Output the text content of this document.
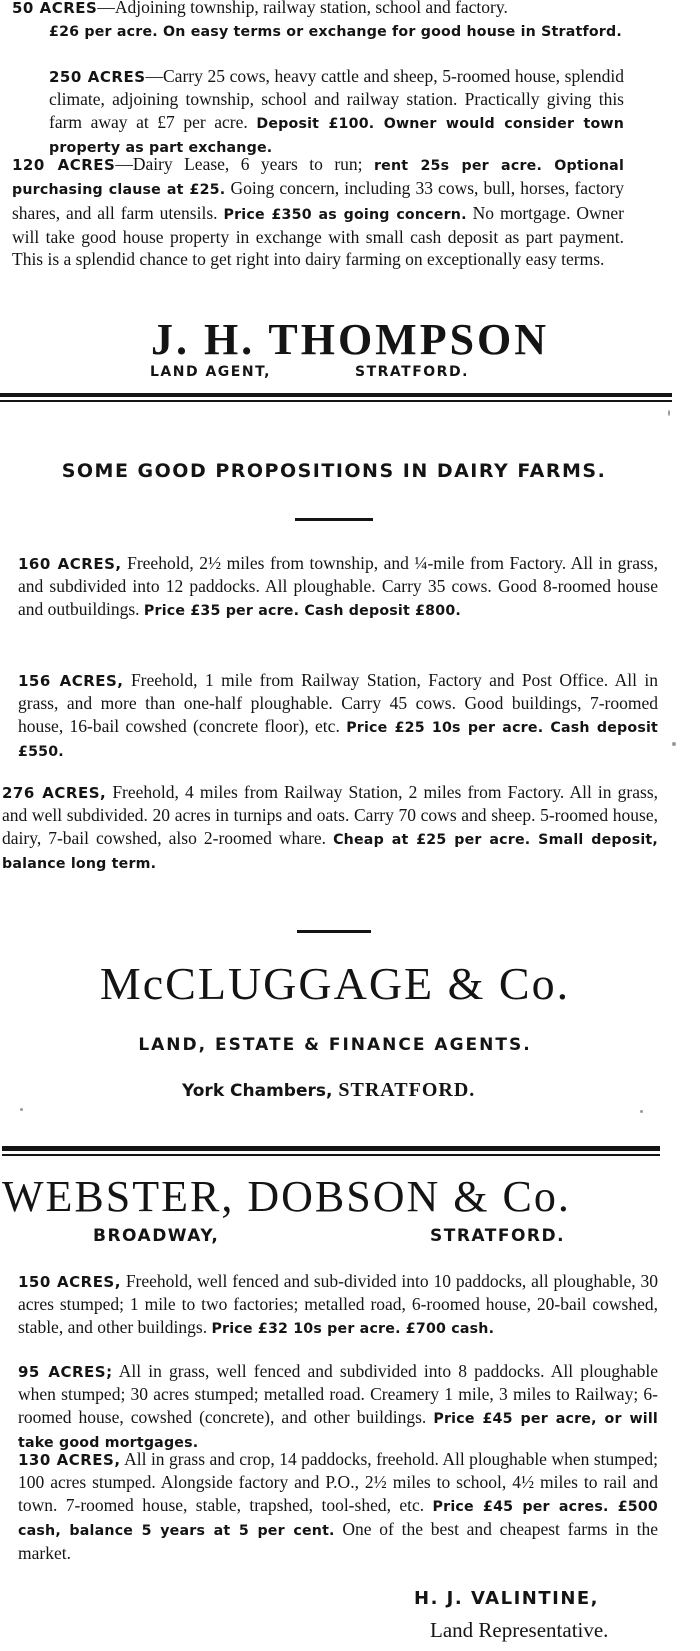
50 ACRES—Adjoining township, railway station, school and factory.
£26 per acre. On easy terms or exchange for good house in Stratford.
250 ACRES—Carry 25 cows, heavy cattle and sheep, 5-roomed house, splendid climate, adjoining township, school and railway station. Practically giving this farm away at £7 per acre. Deposit £100. Owner would consider town property as part exchange.
120 ACRES—Dairy Lease, 6 years to run; rent 25s per acre. Optional purchasing clause at £25. Going concern, including 33 cows, bull, horses, factory shares, and all farm utensils. Price £350 as going concern. No mortgage. Owner will take good house property in exchange with small cash deposit as part payment. This is a splendid chance to get right into dairy farming on exceptionally easy terms.
J. H. THOMPSON
LAND AGENT,	STRATFORD.
SOME GOOD PROPOSITIONS IN DAIRY FARMS.
160 ACRES, Freehold, 2½ miles from township, and ¼-mile from Factory. All in grass, and subdivided into 12 paddocks. All ploughable. Carry 35 cows. Good 8-roomed house and outbuildings. Price £35 per acre. Cash deposit £800.
156 ACRES, Freehold, 1 mile from Railway Station, Factory and Post Office. All in grass, and more than one-half ploughable. Carry 45 cows. Good buildings, 7-roomed house, 16-bail cowshed (concrete floor), etc. Price £25 10s per acre. Cash deposit £550.
276 ACRES, Freehold, 4 miles from Railway Station, 2 miles from Factory. All in grass, and well subdivided. 20 acres in turnips and oats. Carry 70 cows and sheep. 5-roomed house, dairy, 7-bail cowshed, also 2-roomed whare. Cheap at £25 per acre. Small deposit, balance long term.
McCLUGGAGE & Co.
LAND, ESTATE & FINANCE AGENTS.
York Chambers, STRATFORD.
WEBSTER, DOBSON & Co.
BROADWAY,	STRATFORD.
150 ACRES, Freehold, well fenced and sub-divided into 10 paddocks, all ploughable, 30 acres stumped; 1 mile to two factories; metalled road, 6-roomed house, 20-bail cowshed, stable, and other buildings. Price £32 10s per acre. £700 cash.
95 ACRES; All in grass, well fenced and subdivided into 8 paddocks. All ploughable when stumped; 30 acres stumped; metalled road. Creamery 1 mile, 3 miles to Railway; 6-roomed house, cowshed (concrete), and other buildings. Price £45 per acre, or will take good mortgages.
130 ACRES, All in grass and crop, 14 paddocks, freehold. All ploughable when stumped; 100 acres stumped. Alongside factory and P.O., 2½ miles to school, 4½ miles to rail and town. 7-roomed house, stable, trapshed, tool-shed, etc. Price £45 per acres. £500 cash, balance 5 years at 5 per cent. One of the best and cheapest farms in the market.
H. J. VALINTINE,
Land Representative.
